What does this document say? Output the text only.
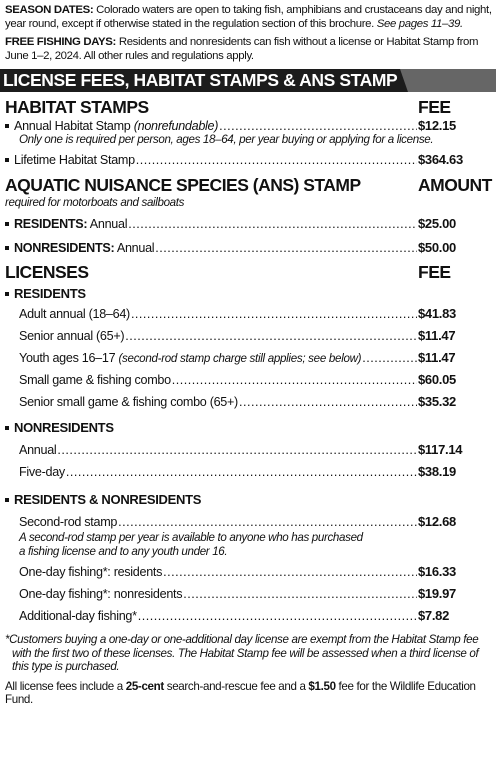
SEASON DATES: Colorado waters are open to taking fish, amphibians and crustaceans day and night, year round, except if otherwise stated in the regulation section of this brochure. See pages 11–39.

FREE FISHING DAYS: Residents and nonresidents can fish without a license or Habitat Stamp from June 1–2, 2024. All other rules and regulations apply.

LICENSE FEES, HABITAT STAMPS & ANS STAMP
HABITAT STAMPS	FEE
Annual Habitat Stamp (nonrefundable) .....	$12.15
Only one is required per person, ages 18–64, per year buying or applying for a license.
Lifetime Habitat Stamp .....	$364.63
AQUATIC NUISANCE SPECIES (ANS) STAMP	AMOUNT
required for motorboats and sailboats
RESIDENTS: Annual .....	$25.00
NONRESIDENTS: Annual .....	$50.00
LICENSES	FEE
RESIDENTS
Adult annual (18–64) .....	$41.83
Senior annual (65+) .....	$11.47
Youth ages 16–17 (second-rod stamp charge still applies; see below) .....	$11.47
Small game & fishing combo .....	$60.05
Senior small game & fishing combo (65+) .....	$35.32
NONRESIDENTS
Annual .....	$117.14
Five-day .....	$38.19
RESIDENTS & NONRESIDENTS
Second-rod stamp .....	$12.68
A second-rod stamp per year is available to anyone who has purchased a fishing license and to any youth under 16.
One-day fishing*: residents .....	$16.33
One-day fishing*: nonresidents .....	$19.97
Additional-day fishing* .....	$7.82

*Customers buying a one-day or one-additional day license are exempt from the Habitat Stamp fee with the first two of these licenses. The Habitat Stamp fee will be assessed when a third license of this type is purchased.

All license fees include a 25-cent search-and-rescue fee and a $1.50 fee for the Wildlife Education Fund.
